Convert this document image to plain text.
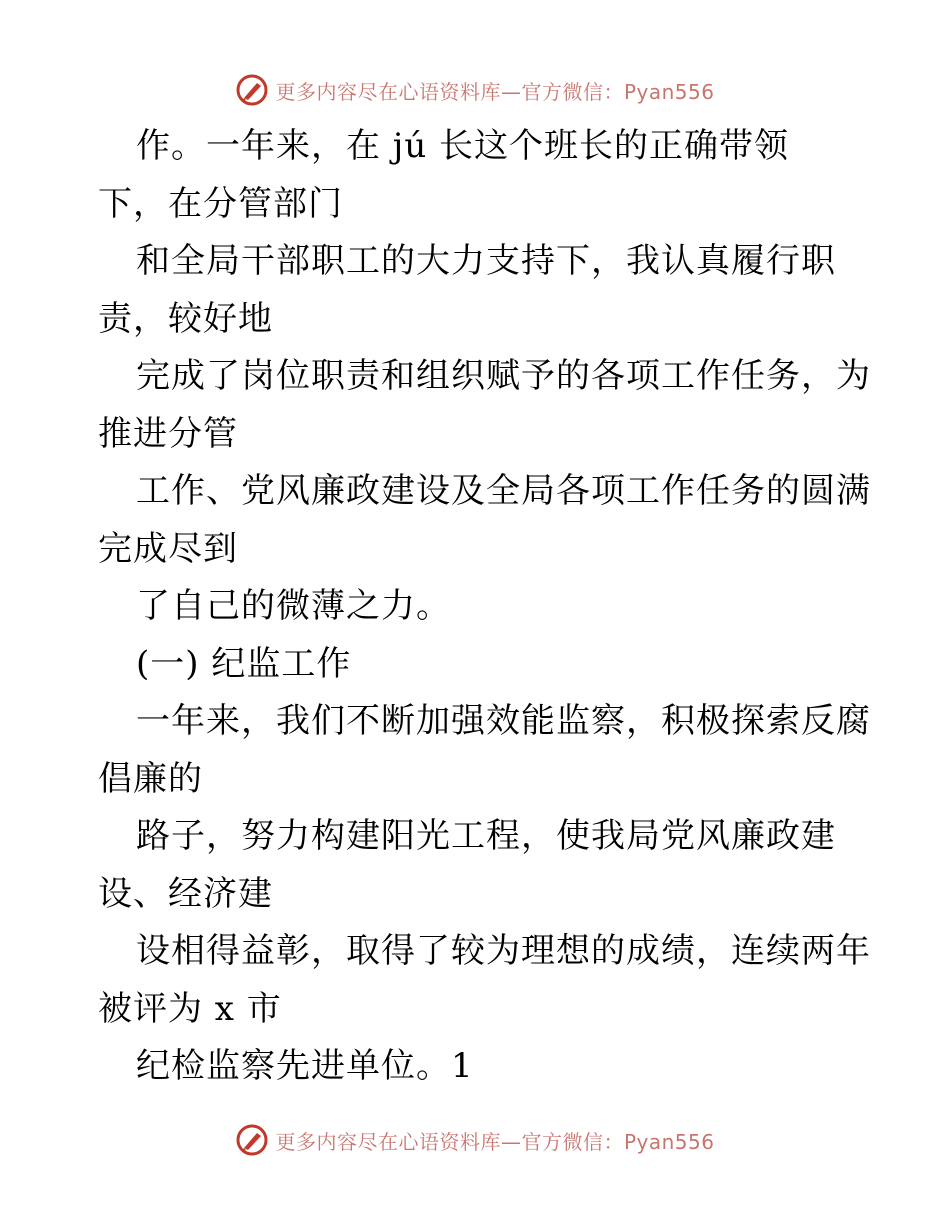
更多内容尽在心语资料库—官方微信：Pyan556
作。一年来，在 jú 长这个班长的正确带领
下，在分管部门
和全局干部职工的大力支持下，我认真履行职
责，较好地
完成了岗位职责和组织赋予的各项工作任务，为
推进分管
工作、党风廉政建设及全局各项工作任务的圆满
完成尽到
了自己的微薄之力。
(一) 纪监工作
一年来，我们不断加强效能监察，积极探索反腐
倡廉的
路子，努力构建阳光工程，使我局党风廉政建
设、经济建
设相得益彰，取得了较为理想的成绩，连续两年
被评为 x 市
纪检监察先进单位。1
更多内容尽在心语资料库—官方微信：Pyan556
